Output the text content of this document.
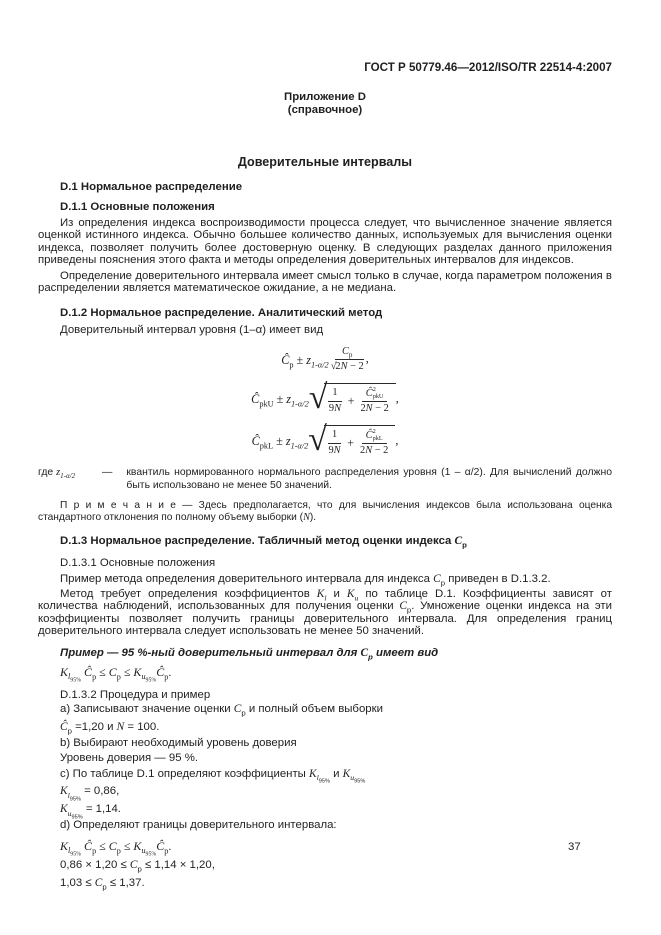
ГОСТ Р 50779.46—2012/ISO/TR 22514-4:2007
Приложение D
(справочное)
Доверительные интервалы
D.1 Нормальное распределение
D.1.1 Основные положения

Из определения индекса воспроизводимости процесса следует, что вычисленное значение является оценкой истинного индекса. Обычно большее количество данных, используемых для вычисления оценки индекса, позволяет получить более достоверную оценку. В следующих разделах данного приложения приведены пояснения этого факта и методы определения доверительных интервалов для индексов.

Определение доверительного интервала имеет смысл только в случае, когда параметром положения в распределении является математическое ожидание, а не медиана.

D.1.2 Нормальное распределение. Аналитический метод

Доверительный интервал уровня (1–α) имеет вид

$Ĉ_p \pm z_{1-\alpha/2} \frac{C_p}{√2N - 2}$ ,
$Ĉ_{pkU} \pm z_{1-\alpha/2}$ √ $\frac{1}{9N}$ + Ĉ 2
pkU
2N − 2 ,
$Ĉ_{pkL} \pm z_{1-\alpha/2}$ √ $\frac{1}{9N}$ + Ĉ 2
pkL
2N − 2 ,
где $z_{1-\alpha/2}$	— квантиль нормированного нормального распределения уровня (1 – α/2). Для вычислений должно быть использовано не менее 50 значений.

П р и м е ч а н и е — Здесь предполагается, что для вычисления индексов была использована оценка стандартного отклонения по полному объему выборки (N).

D.1.3 Нормальное распределение. Табличный метод оценки индекса $C_p$
D.1.3.1 Основные положения

Пример метода определения доверительного интервала для индекса $C_p$ приведен в D.1.3.2.

Метод требует определения коэффициентов $K_l$ и $K_u$ по таблице D.1. Коэффициенты зависят от количества наблюдений, использованных для получения оценки $C_p$. Умножение оценки индекса на эти коэффициенты позволяет получить границы доверительного интервала. Для определения границ доверительного интервала следует использовать не менее 50 значений.

Пример — 95 %-ный доверительный интервал для $C_p$ имеет вид
$K_{l_{95\%}}$ $Ĉ_p \le C_p$ ≤ $K_{u_{95\%}}Ĉ_p$.
D.1.3.2 Процедура и пример
a) Записывают значение оценки $C_p$ и полный объем выборки
$Ĉ_p =1,20$ и N = 100.
b) Выбирают необходимый уровень доверия
Уровень доверия — 95 %.
c) По таблице D.1 определяют коэффициенты $K_{l_{95\%}}$ и $K_{u_{95\%}}$
$K_{l_{95\%}} = 0,86$,
$K_{u_{95\%}} = 1,14$.
d) Определяют границы доверительного интервала:
$K_{l_{95\%}}$ $Ĉ_p \le C_p$ ≤ $K_{u_{95\%}}Ĉ_p$.
$0,86 \times 1,20 \le C_p \le 1,14 \times 1,20$,
$1,03 \le C_p \le 1,37$.
37
